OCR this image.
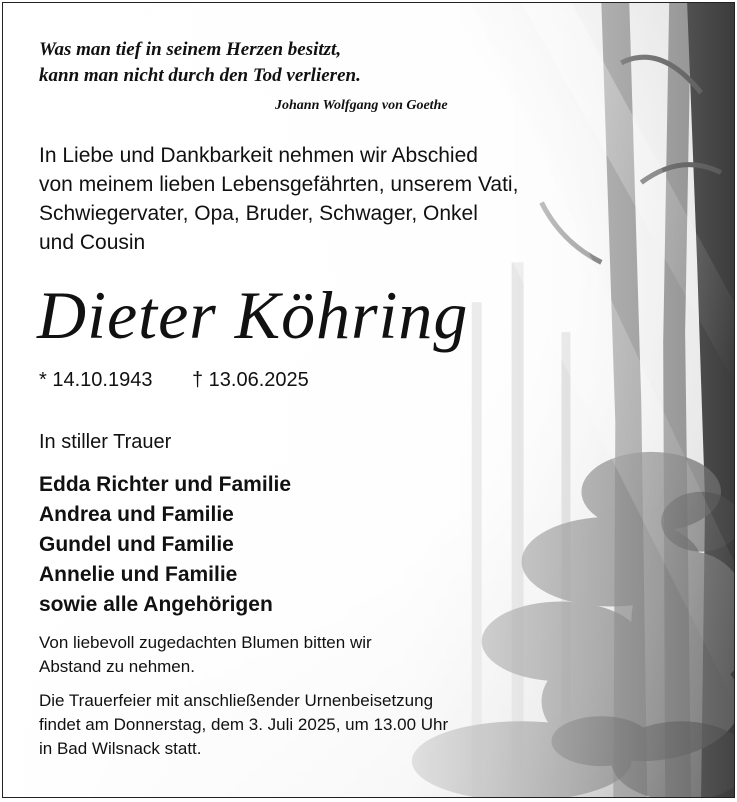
Was man tief in seinem Herzen besitzt,
kann man nicht durch den Tod verlieren.
Johann Wolfgang von Goethe
In Liebe und Dankbarkeit nehmen wir Abschied
von meinem lieben Lebensgefährten, unserem Vati,
Schwiegervater, Opa, Bruder, Schwager, Onkel
und Cousin
Dieter Köhring
* 14.10.1943 † 13.06.2025
In stiller Trauer
Edda Richter und Familie
Andrea und Familie
Gundel und Familie
Annelie und Familie
sowie alle Angehörigen
Von liebevoll zugedachten Blumen bitten wir
Abstand zu nehmen.
Die Trauerfeier mit anschließender Urnenbeisetzung
findet am Donnerstag, dem 3. Juli 2025, um 13.00 Uhr
in Bad Wilsnack statt.
